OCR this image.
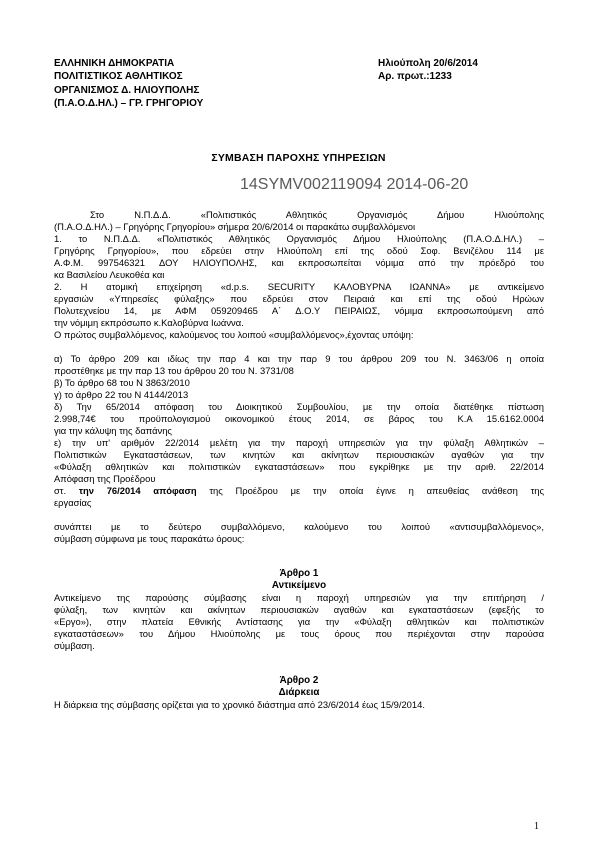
ΕΛΛΗΝΙΚΗ ΔΗΜΟΚΡΑΤΙΑ
ΠΟΛΙΤΙΣΤΙΚΟΣ ΑΘΛΗΤΙΚΟΣ
ΟΡΓΑΝΙΣΜΟΣ Δ. ΗΛΙΟΥΠΟΛΗΣ
(Π.Α.Ο.Δ.ΗΛ.) – ΓΡ. ΓΡΗΓΟΡΙΟΥ
Ηλιούπολη 20/6/2014
Αρ. πρωτ.:1233
ΣΥΜΒΑΣΗ ΠΑΡΟΧΗΣ ΥΠΗΡΕΣΙΩΝ
14SYMV002119094 2014-06-20

Στο Ν.Π.Δ.Δ. «Πολιτιστικός Αθλητικός Οργανισμός Δήμου Ηλιούπολης

(Π.Α.Ο.Δ.ΗΛ.) – Γρηγόρης Γρηγορίου» σήμερα 20/6/2014 οι παρακάτω συμβαλλόμενοι

1. το Ν.Π.Δ.Δ. «Πολιτιστικός Αθλητικός Οργανισμός Δήμου Ηλιούπολης (Π.Α.Ο.Δ.ΗΛ.) –

Γρηγόρης Γρηγορίου», που εδρεύει στην Ηλιούπολη επί της οδού Σοφ. Βενιζέλου 114 με

Α.Φ.Μ. 997546321 ΔΟΥ ΗΛΙΟΥΠΟΛΗΣ, και εκπροσωπείται νόμιμα από την πρόεδρό του

κα Βασιλείου Λευκοθέα και

2. Η ατομική επιχείρηση «d.p.s. SECURITY ΚΑΛΟΒΥΡΝΑ ΙΩΑΝΝΑ» με αντικείμενο

εργασιών «Υπηρεσίες φύλαξης» που εδρεύει στον Πειραιά και επί της οδού Ηρώων

Πολυτεχνείου 14, με ΑΦΜ 059209465 Α΄ Δ.Ο.Υ ΠΕΙΡΑΙΩΣ, νόμιμα εκπροσωπούμενη από

την νόμιμη εκπρόσωπο κ.Καλοβύρνα Ιωάννα.

Ο πρώτος συμβαλλόμενος, καλούμενος του λοιπού «συμβαλλόμενος»,έχοντας υπόψη:

α) Το άρθρο 209 και ιδίως την παρ 4 και την παρ 9 του άρθρου 209 του Ν. 3463/06 η οποία

προστέθηκε με την παρ 13 του άρθρου 20 του Ν. 3731/08

β) Το άρθρο 68 του Ν 3863/2010

γ) το άρθρο 22 του Ν 4144/2013

δ) Την 65/2014 απόφαση του Διοικητικού Συμβουλίου, με την οποία διατέθηκε πίστωση

2.998,74€ του προϋπολογισμού οικονομικού έτους 2014, σε βάρος του Κ.Α 15.6162.0004

για την κάλυψη της δαπάνης

ε) την υπ' αριθμόν 22/2014 μελέτη για την παροχή υπηρεσιών για την φύλαξη Αθλητικών –

Πολιτιστικών Εγκαταστάσεων, των κινητών και ακίνητων περιουσιακών αγαθών για την

«Φύλαξη αθλητικών και πολιτιστικών εγκαταστάσεων» που εγκρίθηκε με την αριθ. 22/2014

Απόφαση της Προέδρου

στ. την 76/2014 απόφαση της Προέδρου με την οποία έγινε η απευθείας ανάθεση της

εργασίας

συνάπτει με το δεύτερο συμβαλλόμενο, καλούμενο του λοιπού «αντισυμβαλλόμενος»,

σύμβαση σύμφωνα με τους παρακάτω όρους:

Άρθρο 1

Αντικείμενο

Αντικείμενο της παρούσης σύμβασης είναι η παροχή υπηρεσιών για την επιτήρηση /

φύλαξη, των κινητών και ακίνητων περιουσιακών αγαθών και εγκαταστάσεων (εφεξής το

«Εργο»), στην πλατεία Εθνικής Αντίστασης για την «Φύλαξη αθλητικών και πολιτιστικών

εγκαταστάσεων» του Δήμου Ηλιούπολης με τους όρους που περιέχονται στην παρούσα

σύμβαση.

Άρθρο 2

Διάρκεια

Η διάρκεια της σύμβασης ορίζεται για το χρονικό διάστημα από 23/6/2014 έως 15/9/2014.

1
